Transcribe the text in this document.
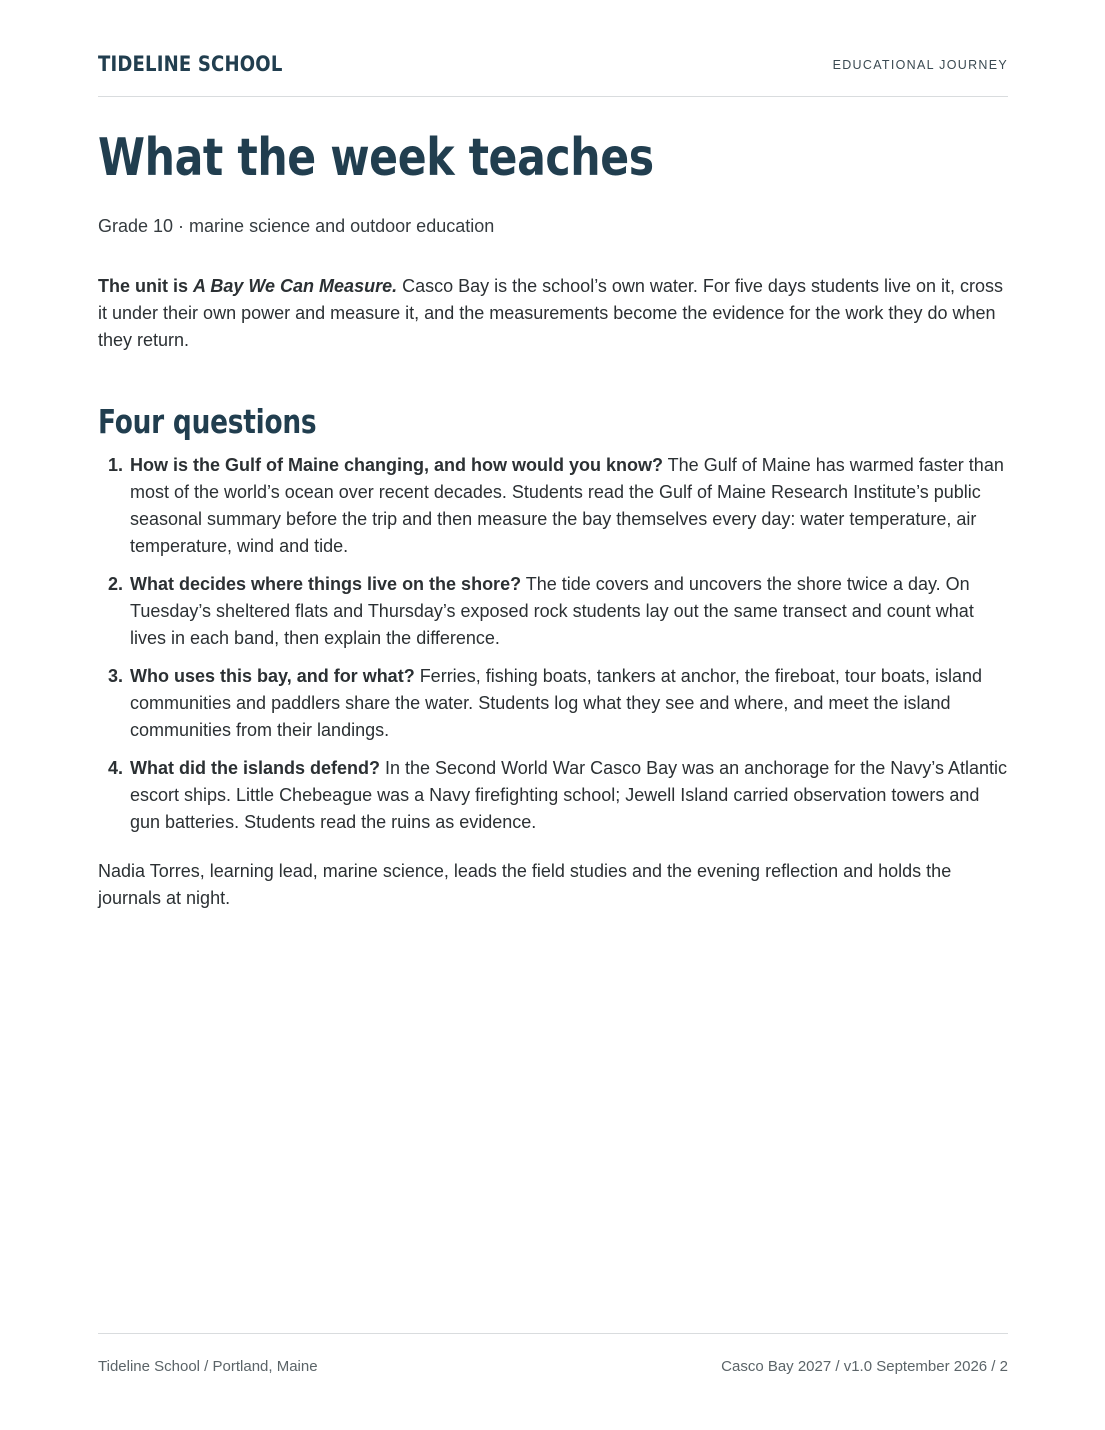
TIDELINE SCHOOL	EDUCATIONAL JOURNEY
What the week teaches
Grade 10 · marine science and outdoor education

The unit is A Bay We Can Measure. Casco Bay is the school’s own water. For five days students live on it, cross it under their own power and measure it, and the measurements become the evidence for the work they do when they return.

Four questions
1. How is the Gulf of Maine changing, and how would you know? The Gulf of Maine has warmed faster than most of the world’s ocean over recent decades. Students read the Gulf of Maine Research Institute’s public seasonal summary before the trip and then measure the bay themselves every day: water temperature, air temperature, wind and tide.
2. What decides where things live on the shore? The tide covers and uncovers the shore twice a day. On Tuesday’s sheltered flats and Thursday’s exposed rock students lay out the same transect and count what lives in each band, then explain the difference.
3. Who uses this bay, and for what? Ferries, fishing boats, tankers at anchor, the fireboat, tour boats, island communities and paddlers share the water. Students log what they see and where, and meet the island communities from their landings.
4. What did the islands defend? In the Second World War Casco Bay was an anchorage for the Navy’s Atlantic escort ships. Little Chebeague was a Navy firefighting school; Jewell Island carried observation towers and gun batteries. Students read the ruins as evidence.

Nadia Torres, learning lead, marine science, leads the field studies and the evening reflection and holds the journals at night.

Tideline School / Portland, Maine	Casco Bay 2027 / v1.0 September 2026 / 2
